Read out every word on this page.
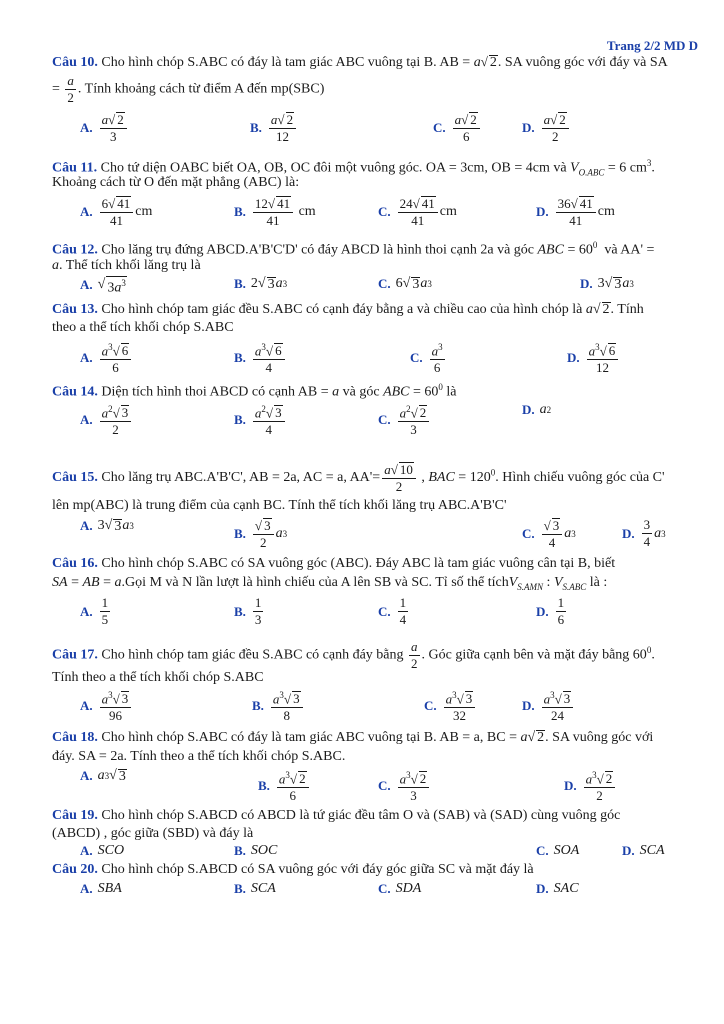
Trang 2/2 MD D
Câu 10. Cho hình chóp S.ABC có đáy là tam giác ABC vuông tại B. AB = a√ 2. SA vuông góc với đáy và SA
= $\frac{a}{2}$ . Tính khoảng cách từ điểm A đến mp(SBC)
A. $\frac{a√ 2}{3}$	B. $\frac{a√ 2}{12}$	C. $\frac{a√ 2}{6}$	D. $\frac{a√ 2}{2}$
Câu 11. Cho tứ diện OABC biết OA, OB, OC đôi một vuông góc. OA = 3cm, OB = 4cm và $V_{O.ABC} = 6$ $cm^3$.
Khoảng cách từ O đến mặt phẳng (ABC) là:
A. $\frac{6√ 41}{41}$ cm	B. $\frac{12√ 41}{41}$ cm	C. $\frac{24√ 41}{41}$ cm	D. $\frac{36√ 41}{41}$ cm
Câu 12. Cho lăng trụ đứng ABCD.A'B'C'D' có đáy ABCD là hình thoi cạnh 2a và góc ABC = $60^0$ và AA' =
a. Thể tích khối lăng trụ là
A. √ $3a^3$	B. 2√ 3 a 3	C. 6√ 3 a 3	D. 3√ 3 a 3
Câu 13. Cho hình chóp tam giác đều S.ABC có cạnh đáy bằng a và chiều cao của hình chóp là a√ 2. Tính
theo a thể tích khối chóp S.ABC
A. $\frac{a^3√ 6}{6}$	B. $\frac{a^3√ 6}{4}$	C. $\frac{a^3}{6}$	D. $\frac{a^3√ 6}{12}$
Câu 14. Diện tích hình thoi ABCD có cạnh AB = a và góc ABC = $60^0$ là
A. $\frac{a^2√ 3}{2}$	B. $\frac{a^2√ 3}{4}$	C. $\frac{a^2√ 2}{3}$	D. a 2
Câu 15. Cho lăng trụ ABC.A'B'C', AB = 2a, AC = a, $AA'= \frac{a√ 10}{2}$ , BAC = $120^0$. Hình chiếu vuông góc của C'
lên mp(ABC) là trung điểm của cạnh BC. Tính thể tích khối lăng trụ ABC.A'B'C'
A. 3√ 3 a 3	B. $\frac{√ 3}{2}$ a 3	C. $\frac{√ 3}{4}$ a 3	D. $\frac{3}{4}$ a 3
Câu 16. Cho hình chóp S.ABC có SA vuông góc (ABC). Đáy ABC là tam giác vuông cân tại B, biết
SA = AB = a.Gọi M và N lần lượt là hình chiếu của A lên SB và SC. Tỉ số thể tíchV$_{S.AMN}$ : $V_{S.ABC}$ là :
A. $\frac{1}{5}$	B. $\frac{1}{3}$	C. $\frac{1}{4}$	D. $\frac{1}{6}$
Câu 17. Cho hình chóp tam giác đều S.ABC có cạnh đáy bằng $\frac{a}{2}$ . Góc giữa cạnh bên và mặt đáy bằng $60^0$.
Tính theo a thể tích khối chóp S.ABC
A. $\frac{a^3√ 3}{96}$	B. $\frac{a^3√ 3}{8}$	C. $\frac{a^3√ 3}{32}$	D. $\frac{a^3√ 3}{24}$
Câu 18. Cho hình chóp S.ABC có đáy là tam giác ABC vuông tại B. AB = a, BC = a√ 2. SA vuông góc với
đáy. SA = 2a. Tính theo a thể tích khối chóp S.ABC.
A. a 3 √ 3
B. $\frac{a^3√ 2}{6}$	C. $\frac{a^3√ 2}{3}$	D. $\frac{a^3√ 2}{2}$
Câu 19. Cho hình chóp S.ABCD có ABCD là tứ giác đều tâm O và (SAB) và (SAD) cùng vuông góc
(ABCD) , góc giữa (SBD) và đáy là
A. SCO	B. SOC	C. SOA	D. SCA
Câu 20. Cho hình chóp S.ABCD có SA vuông góc với đáy góc giữa SC và mặt đáy là
A. SBA	B. SCA	C. SDA	D. SAC
